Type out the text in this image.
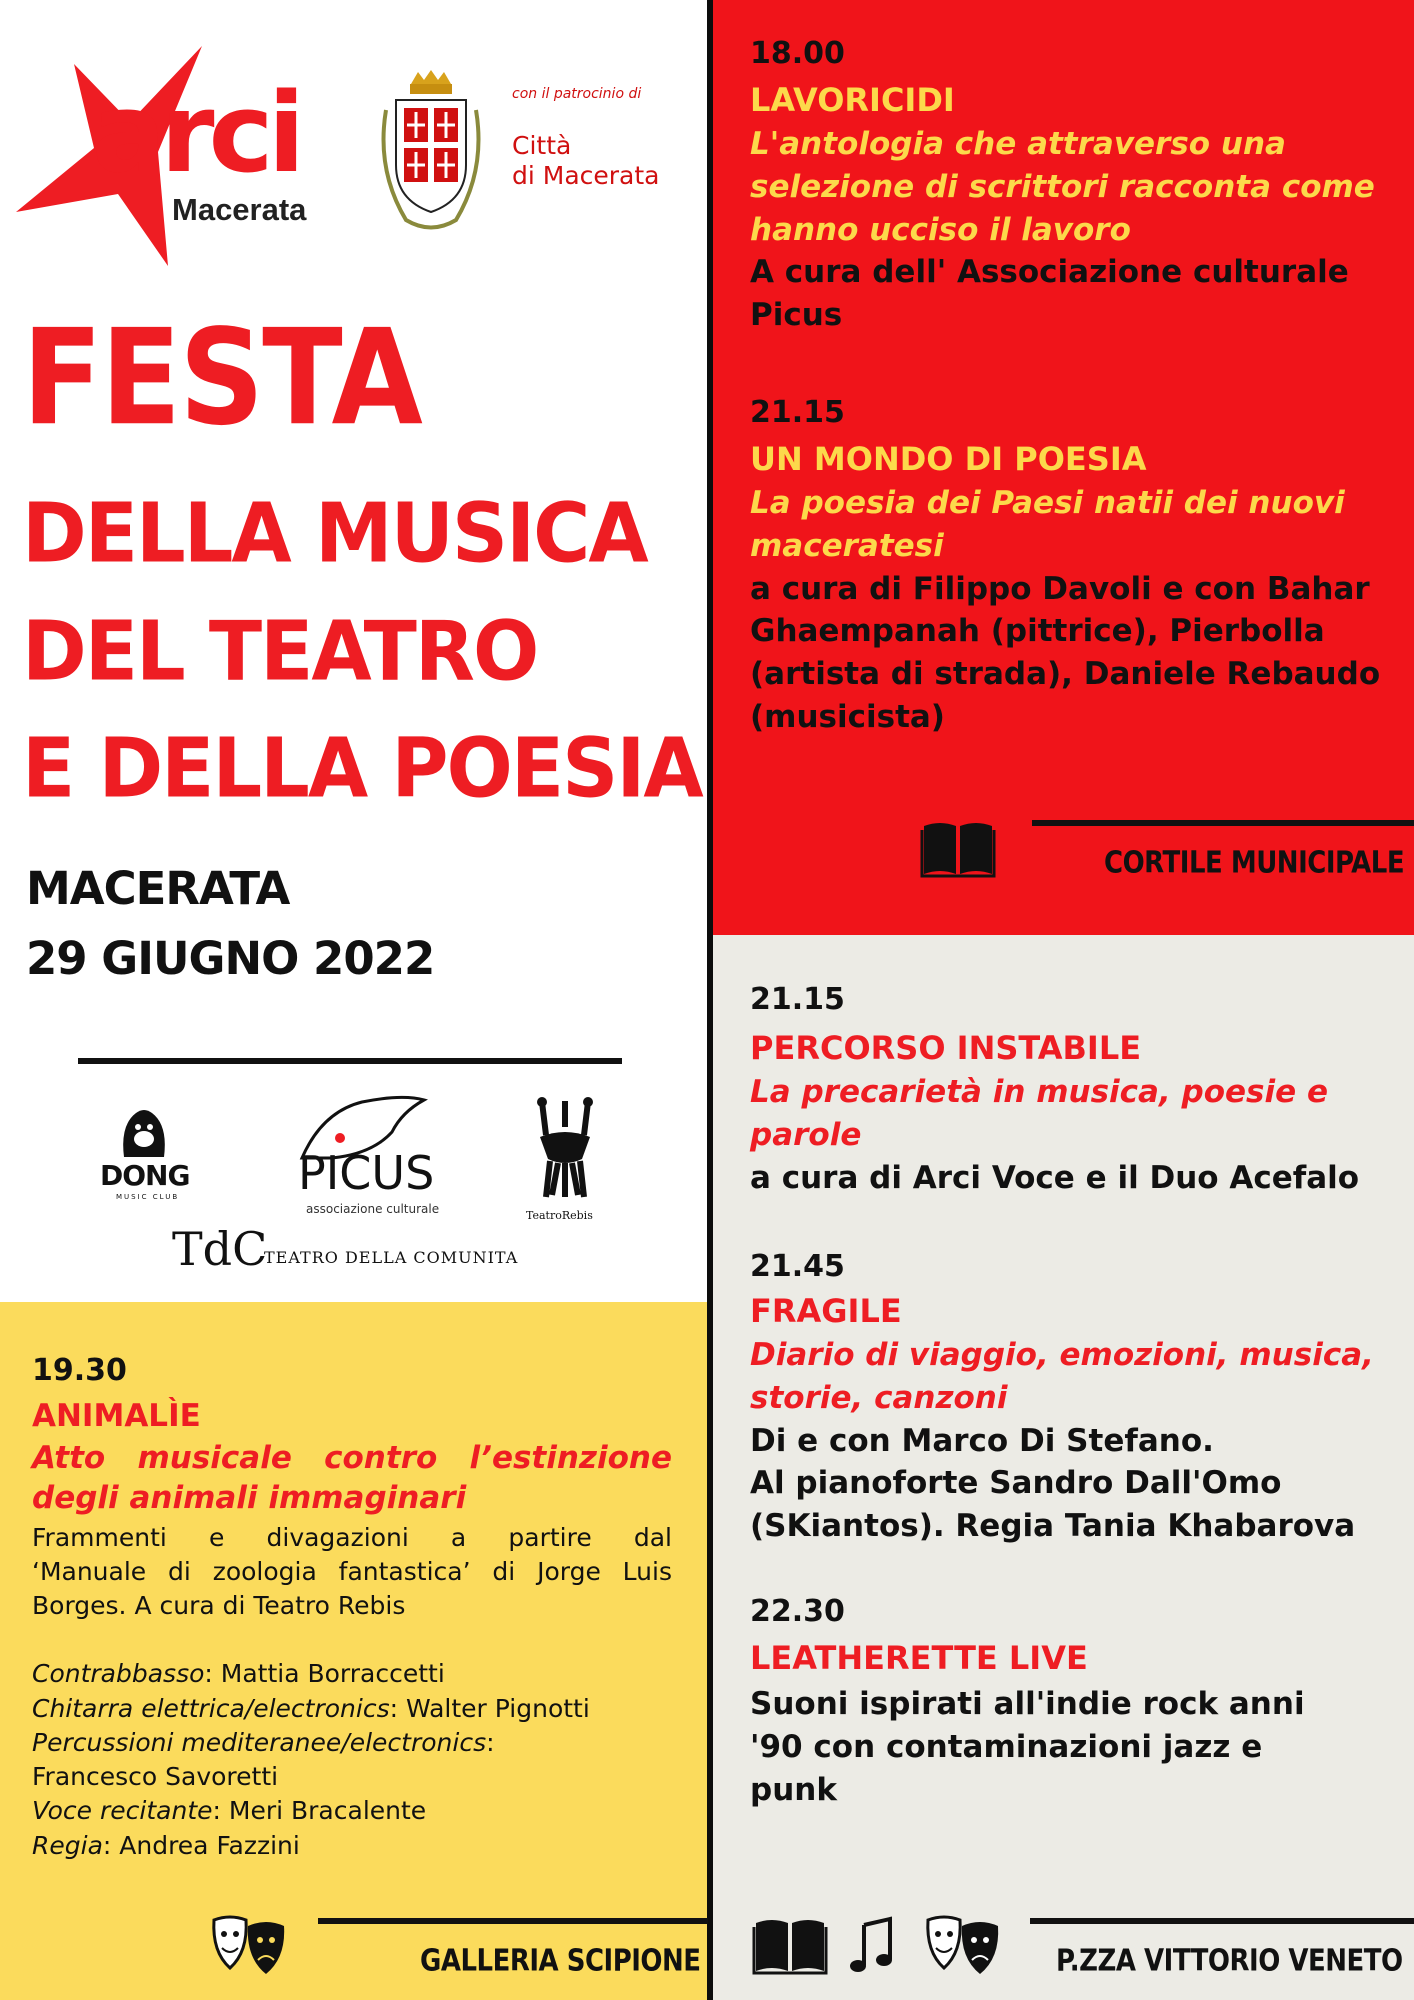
arci
Macerata
con il patrocinio di
Città
di Macerata
FESTA
DELLA MUSICA
DEL TEATRO
E DELLA POESIA
MACERATA
29 GIUGNO 2022
DONG
MUSIC CLUB	PICUS
associazione culturale	TeatroRebis
TdC
TEATRO DELLA COMUNITA
18.00
LAVORICIDI
L'antologia che attraverso una
selezione di scrittori racconta come
hanno ucciso il lavoro
A cura dell' Associazione culturale
Picus
21.15
UN MONDO DI POESIA
La poesia dei Paesi natii dei nuovi
maceratesi
a cura di Filippo Davoli e con Bahar
Ghaempanah (pittrice), Pierbolla
(artista di strada), Daniele Rebaudo
(musicista)
CORTILE MUNICIPALE
21.15
PERCORSO INSTABILE
La precarietà in musica, poesie e
parole
a cura di Arci Voce e il Duo Acefalo
21.45
FRAGILE
Diario di viaggio, emozioni, musica,
storie, canzoni
Di e con Marco Di Stefano.
Al pianoforte Sandro Dall'Omo
(SKiantos). Regia Tania Khabarova
22.30
LEATHERETTE LIVE
Suoni ispirati all'indie rock anni
'90 con contaminazioni jazz e
punk
P.ZZA VITTORIO VENETO
19.30
ANIMALÌE
Atto musicale contro l’estinzione
degli animali immaginari
Frammenti e divagazioni a partire dal
‘Manuale di zoologia fantastica’ di Jorge Luis
Borges. A cura di Teatro Rebis
Contrabbasso: Mattia Borraccetti
Chitarra elettrica/electronics: Walter Pignotti
Percussioni mediteranee/electronics:
Francesco Savoretti
Voce recitante: Meri Bracalente
Regia: Andrea Fazzini
GALLERIA SCIPIONE
